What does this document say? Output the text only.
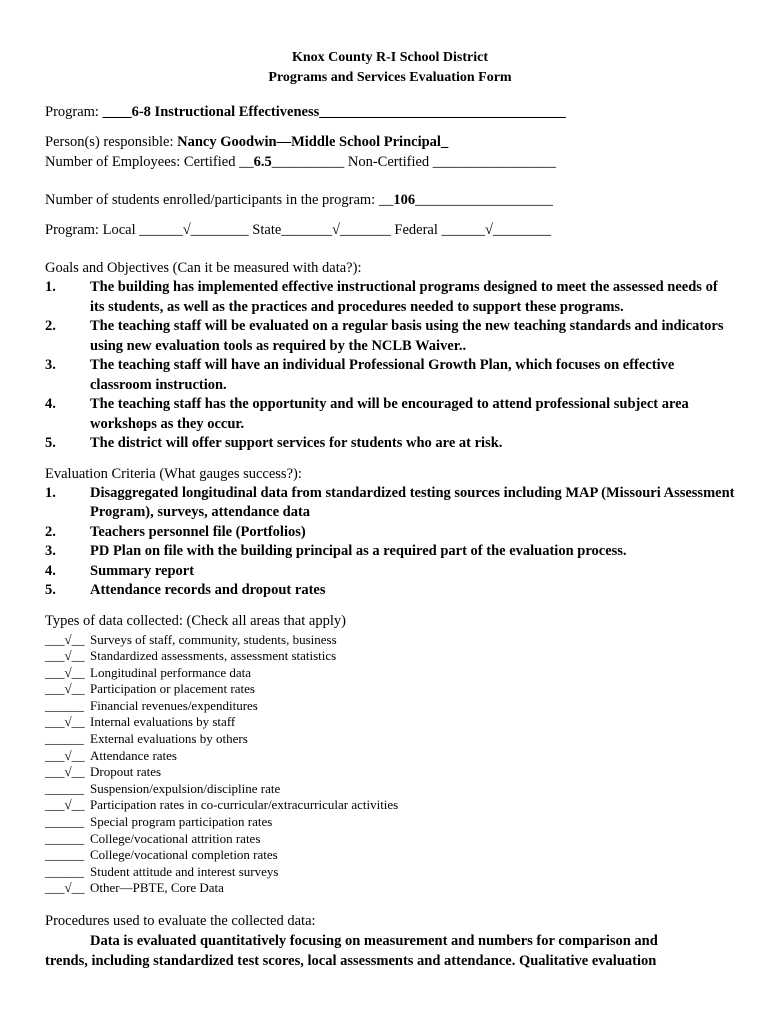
Knox County R-I School District
Programs and Services Evaluation Form
Program: ____6-8 Instructional Effectiveness__________________________________
Person(s) responsible: Nancy Goodwin—Middle School Principal_
Number of Employees: Certified __6.5__________ Non-Certified _________________
Number of students enrolled/participants in the program: __106___________________
Program: Local ______√________ State_______√_______ Federal ______√________
Goals and Objectives (Can it be measured with data?):
1.	The building has implemented effective instructional programs designed to meet the assessed needs of its students, as well as the practices and procedures needed to support these programs.
2.	The teaching staff will be evaluated on a regular basis using the new teaching standards and indicators using new evaluation tools as required by the NCLB Waiver..
3.	The teaching staff will have an individual Professional Growth Plan, which focuses on effective classroom instruction.
4.	The teaching staff has the opportunity and will be encouraged to attend professional subject area workshops as they occur.
5.	The district will offer support services for students who are at risk.
Evaluation Criteria (What gauges success?):
1.	Disaggregated longitudinal data from standardized testing sources including MAP (Missouri Assessment Program), surveys, attendance data
2.	Teachers personnel file (Portfolios)
3.	PD Plan on file with the building principal as a required part of the evaluation process.
4.	Summary report
5.	Attendance records and dropout rates
Types of data collected: (Check all areas that apply)
___√__ Surveys of staff, community, students, business
___√__ Standardized assessments, assessment statistics
___√__ Longitudinal performance data
___√__ Participation or placement rates
______ Financial revenues/expenditures
___√__ Internal evaluations by staff
______ External evaluations by others
___√__ Attendance rates
___√__ Dropout rates
______ Suspension/expulsion/discipline rate
___√__ Participation rates in co-curricular/extracurricular activities
______ Special program participation rates
______ College/vocational attrition rates
______ College/vocational completion rates
______ Student attitude and interest surveys
___√__ Other—PBTE, Core Data
Procedures used to evaluate the collected data:
Data is evaluated quantitatively focusing on measurement and numbers for comparison and
trends, including standardized test scores, local assessments and attendance. Qualitative evaluation
